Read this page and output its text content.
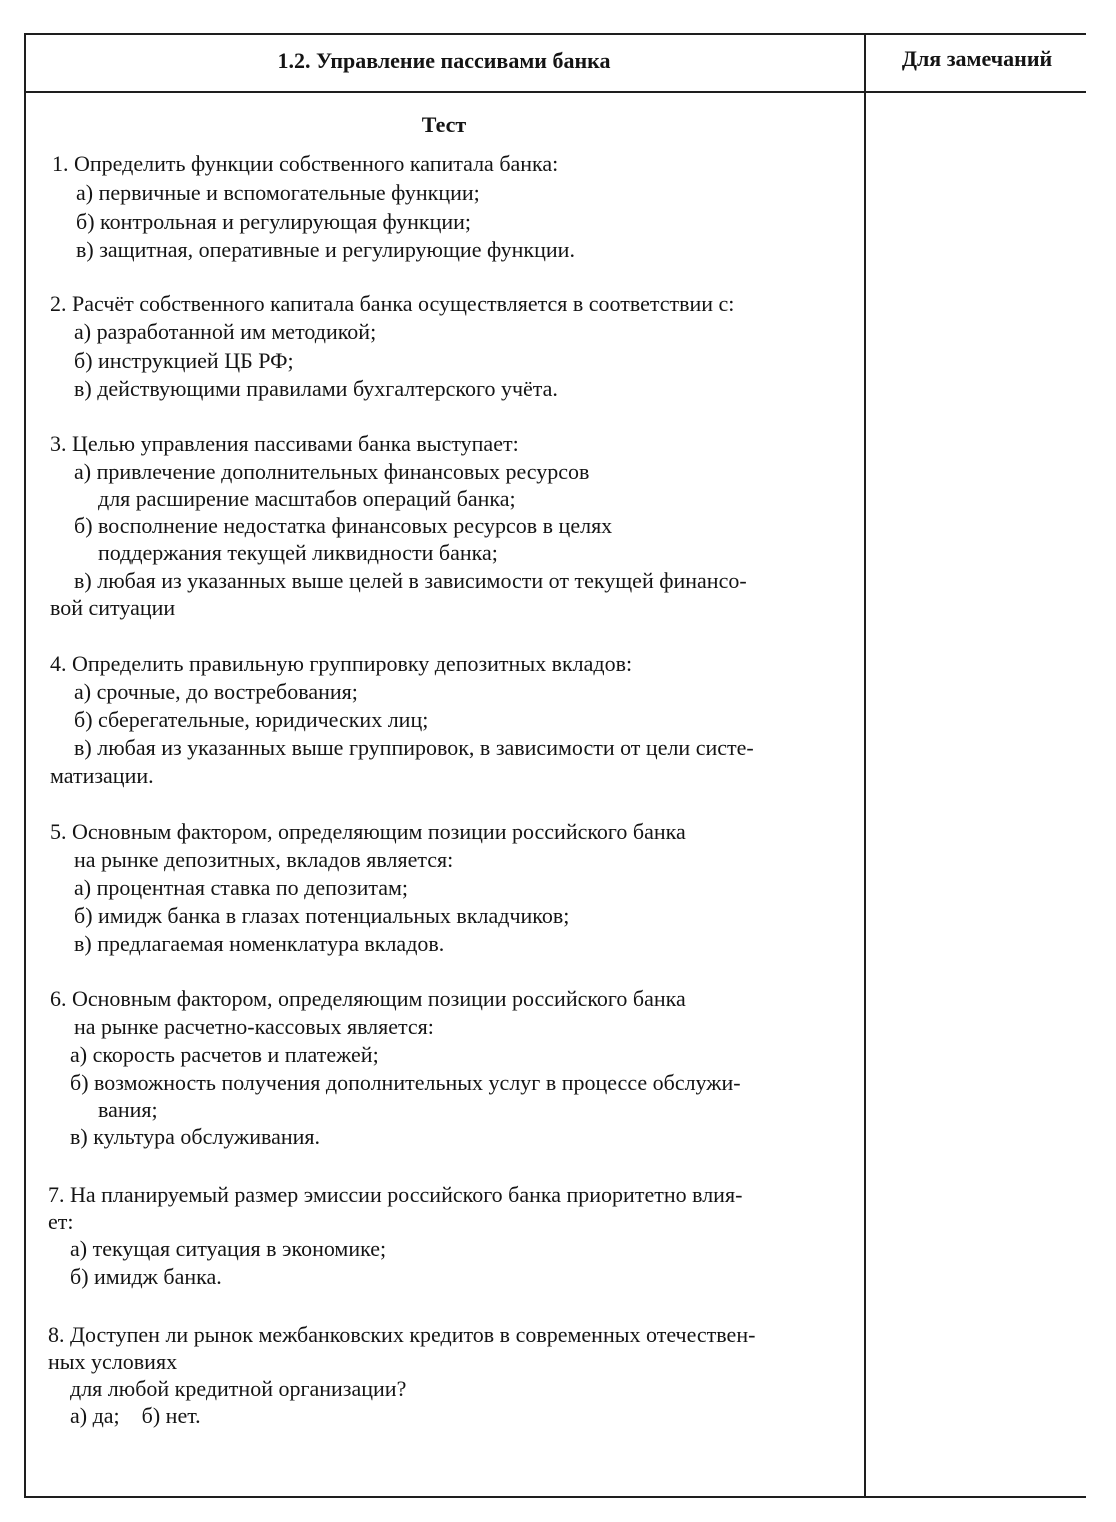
1.2. Управление пассивами банка	Для замечаний
Тест
1. Определить функции собственного капитала банка:
а) первичные и вспомогательные функции;
б) контрольная и регулирующая функции;
в) защитная, оперативные и регулирующие функции.
2. Расчёт собственного капитала банка осуществляется в соответствии с:
а) разработанной им методикой;
б) инструкцией ЦБ РФ;
в) действующими правилами бухгалтерского учёта.
3. Целью управления пассивами банка выступает:
а) привлечение дополнительных финансовых ресурсов
для расширение масштабов операций банка;
б) восполнение недостатка финансовых ресурсов в целях
поддержания текущей ликвидности банка;
в) любая из указанных выше целей в зависимости от текущей финансо-
вой ситуации
4. Определить правильную группировку депозитных вкладов:
а) срочные, до востребования;
б) сберегательные, юридических лиц;
в) любая из указанных выше группировок, в зависимости от цели систе-
матизации.
5. Основным фактором, определяющим позиции российского банка
на рынке депозитных, вкладов является:
а) процентная ставка по депозитам;
б) имидж банка в глазах потенциальных вкладчиков;
в) предлагаемая номенклатура вкладов.
6. Основным фактором, определяющим позиции российского банка
на рынке расчетно-кассовых является:
а) скорость расчетов и платежей;
б) возможность получения дополнительных услуг в процессе обслужи-
вания;
в) культура обслуживания.
7. На планируемый размер эмиссии российского банка приоритетно влия-
ет:
а) текущая ситуация в экономике;
б) имидж банка.
8. Доступен ли рынок межбанковских кредитов в современных отечествен-
ных условиях
для любой кредитной организации?
а) да;    б) нет.
